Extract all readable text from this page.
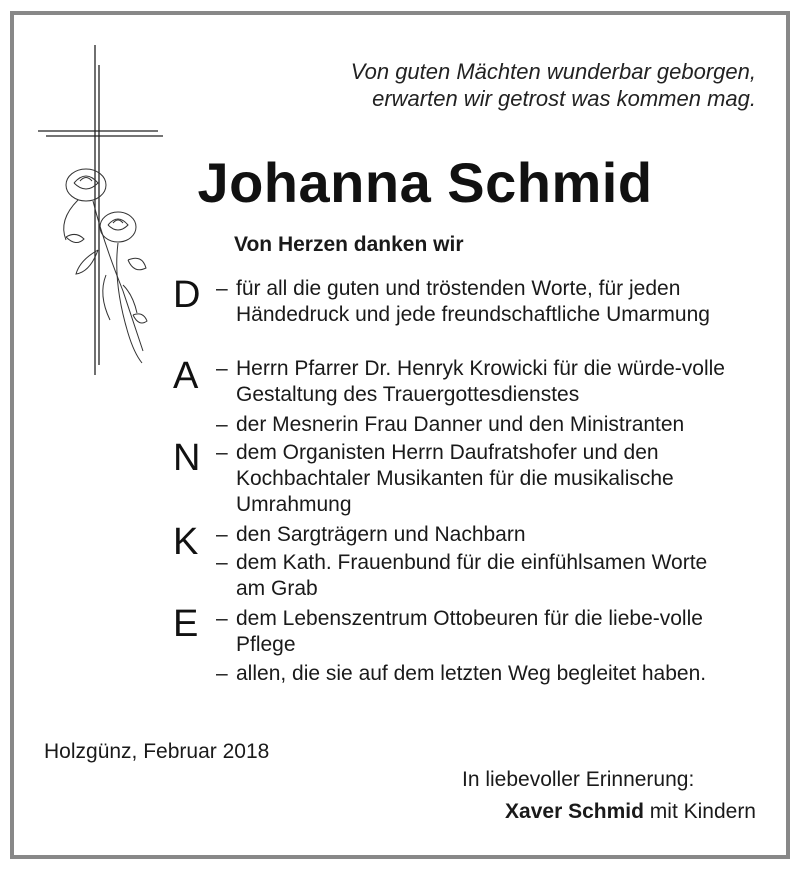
Von guten Mächten wunderbar geborgen,
erwarten wir getrost was kommen mag.
Johanna Schmid
Von Herzen danken wir
D
A
N
K
E
– für all die guten und tröstenden Worte, für jeden Händedruck und jede freundschaftliche Umarmung
– Herrn Pfarrer Dr. Henryk Krowicki für die würde-volle Gestaltung des Trauergottesdienstes
– der Mesnerin Frau Danner und den Ministranten
– dem Organisten Herrn Daufratshofer und den Kochbachtaler Musikanten für die musikalische Umrahmung
– den Sargträgern und Nachbarn
– dem Kath. Frauenbund für die einfühlsamen Worte am Grab
– dem Lebenszentrum Ottobeuren für die liebe-volle Pflege
– allen, die sie auf dem letzten Weg begleitet haben.
Holzgünz, Februar 2018
In liebevoller Erinnerung:
Xaver Schmid mit Kindern
